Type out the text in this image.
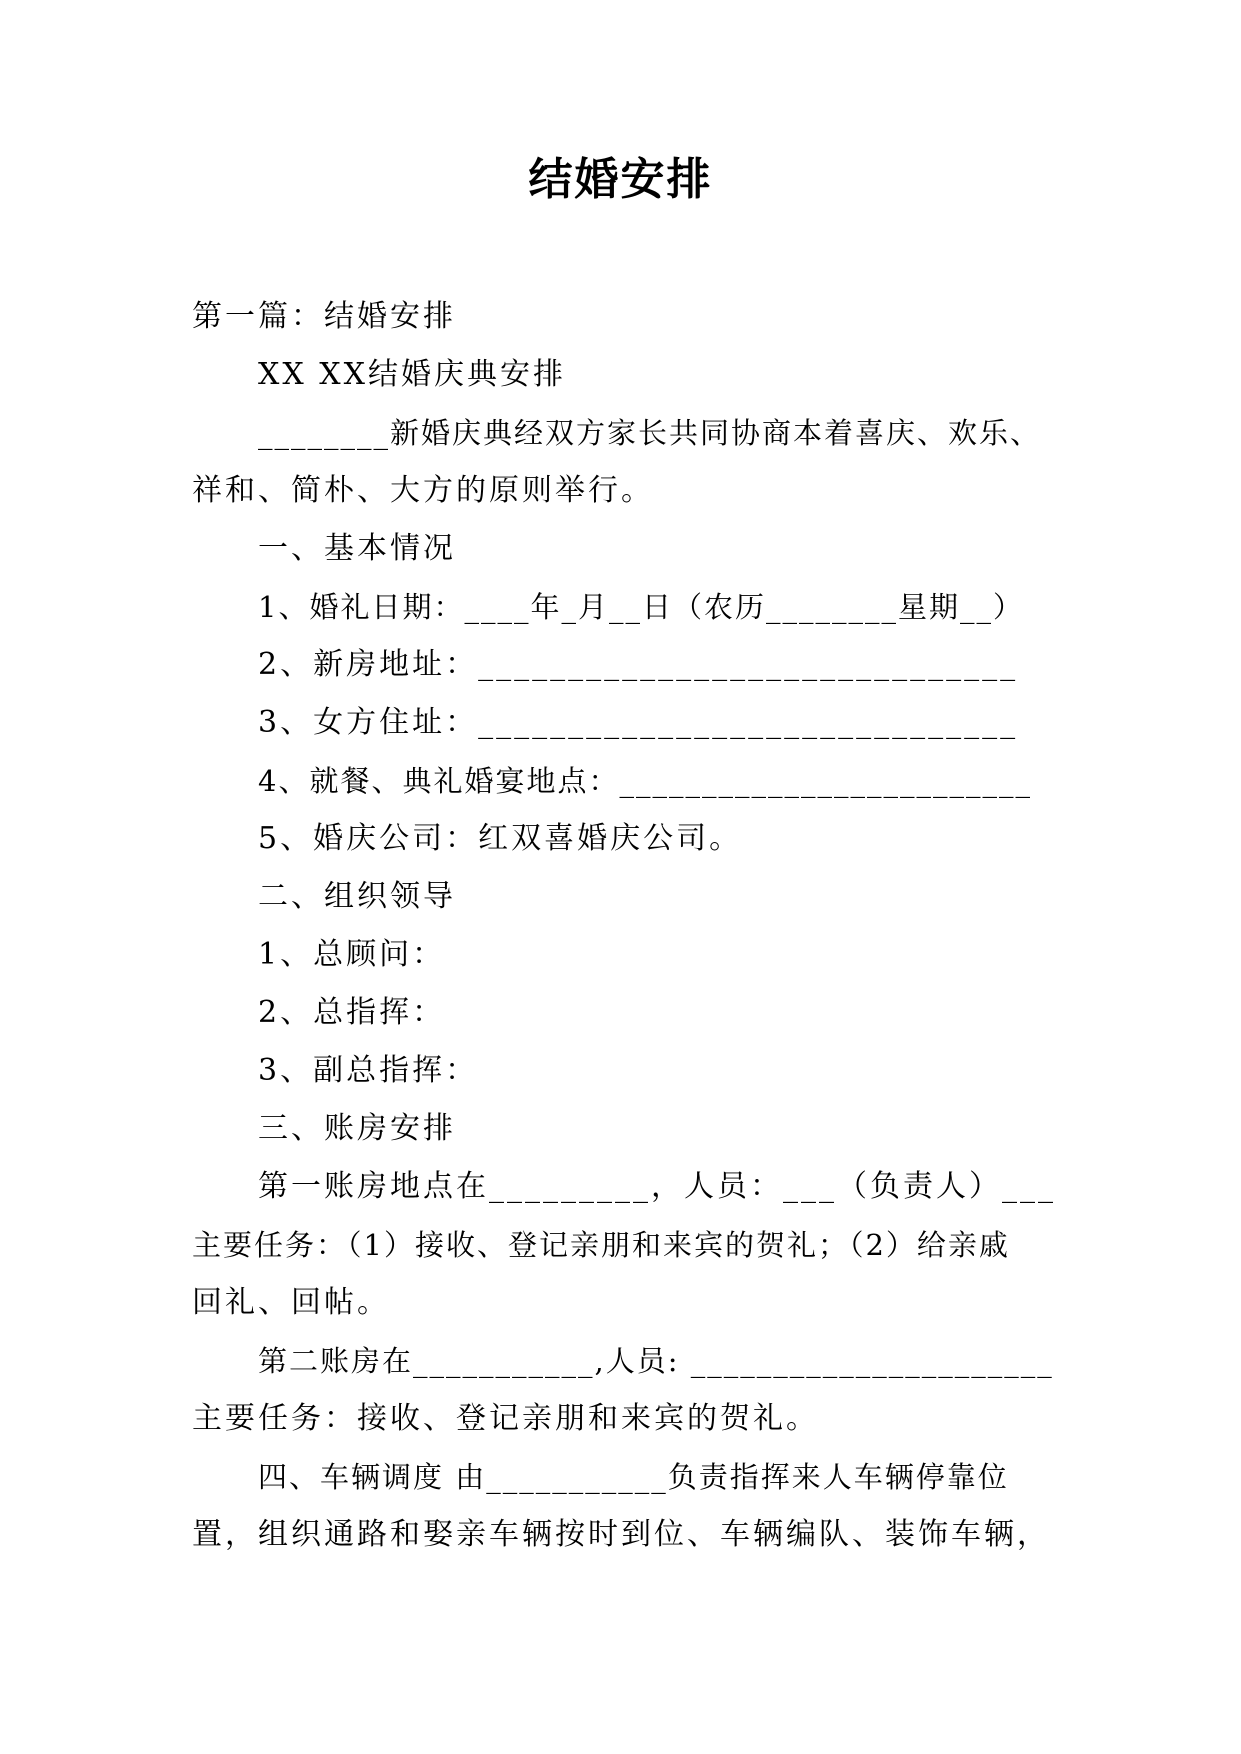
结婚安排
第一篇：结婚安排
XX XX结婚庆典安排
________新婚庆典经双方家长共同协商本着喜庆、欢乐、
祥和、简朴、大方的原则举行。
一、基本情况
1、婚礼日期：____年_月__日（农历________星期__）
2、新房地址：______________________________
3、女方住址：______________________________
4、就餐、典礼婚宴地点：_________________________
5、婚庆公司：红双喜婚庆公司。
二、组织领导
1、总顾问：
2、总指挥：
3、副总指挥：
三、账房安排
第一账房地点在_________，人员：___（负责人）___
主要任务：（1）接收、登记亲朋和来宾的贺礼；（2）给亲戚
回礼、回帖。
第二账房在___________,人员: ______________________
主要任务：接收、登记亲朋和来宾的贺礼。
四、车辆调度 由___________负责指挥来人车辆停靠位
置，组织通路和娶亲车辆按时到位、车辆编队、装饰车辆，
